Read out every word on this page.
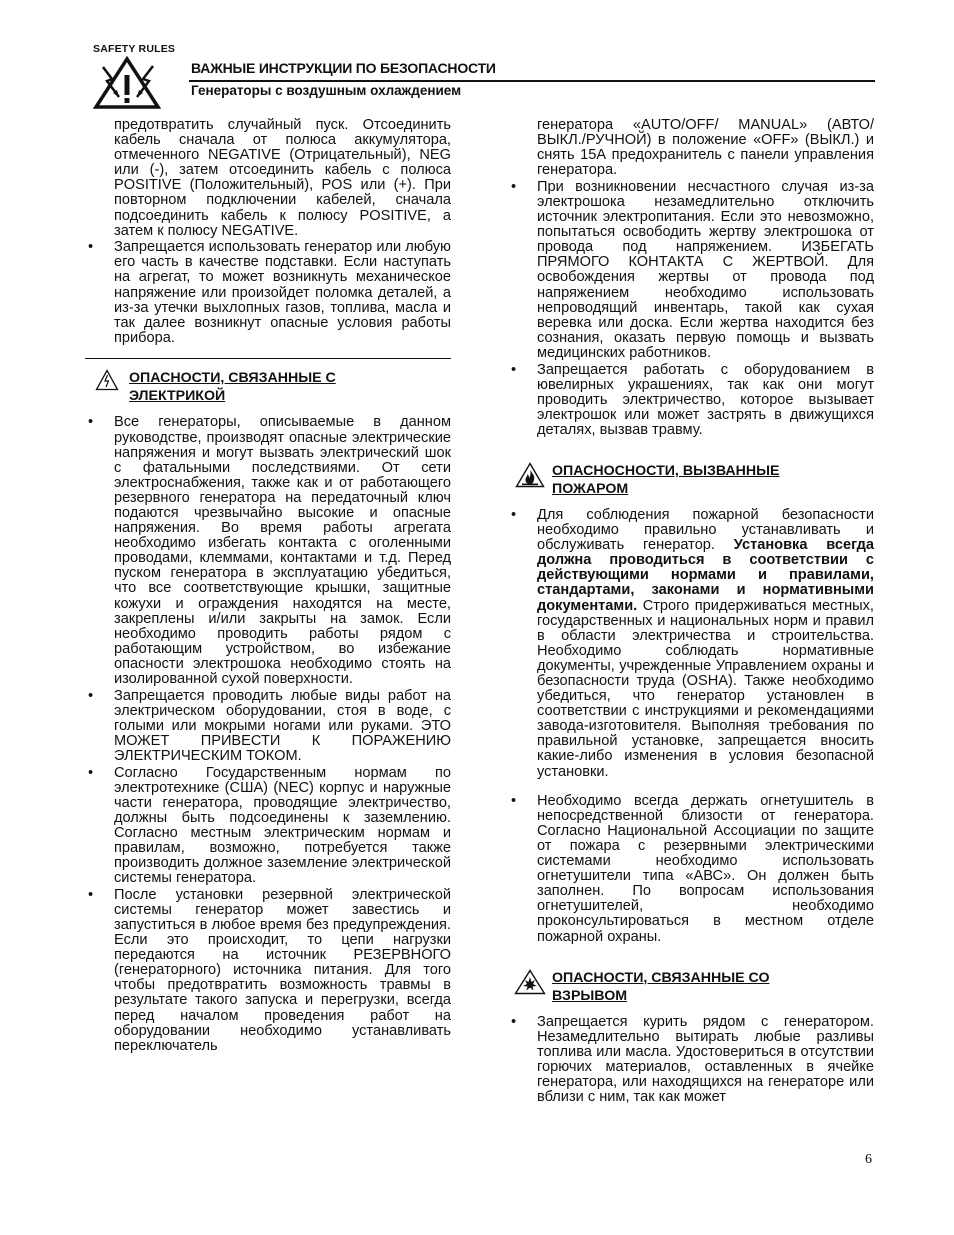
SAFETY RULES
ВАЖНЫЕ ИНСТРУКЦИИ ПО БЕЗОПАСНОСТИ
Генераторы с воздушным охлаждением

предотвратить случайный пуск. Отсоединить кабель сначала от полюса аккумулятора, отмеченного NEGATIVE (Отрицательный), NEG или (-), затем отсоединить кабель с полюса POSITIVE (Положительный), POS или (+). При повторном подключении кабелей, сначала подсоединить кабель к полюсу POSITIVE, а затем к полюсу NEGATIVE.

• Запрещается использовать генератор или любую его часть в качестве подставки. Если наступать на агрегат, то может возникнуть механическое напряжение или произойдет поломка деталей, а из-за утечки выхлопных газов, топлива, масла и так далее возникнут опасные условия работы прибора.
ОПАСНОСТИ, СВЯЗАННЫЕ С
ЭЛЕКТРИКОЙ
• Все генераторы, описываемые в данном руководстве, производят опасные электрические напряжения и могут вызвать электрический шок с фатальными последствиями. От сети электроснабжения, также как и от работающего резервного генератора на передаточный ключ подаются чрезвычайно высокие и опасные напряжения. Во время работы агрегата необходимо избегать контакта с оголенными проводами, клеммами, контактами и т.д. Перед пуском генератора в эксплуатацию убедиться, что все соответствующие крышки, защитные кожухи и ограждения находятся на месте, закреплены и/или закрыты на замок. Если необходимо проводить работы рядом с работающим устройством, во избежание опасности электрошока необходимо стоять на изолированной сухой поверхности.
• Запрещается проводить любые виды работ на электрическом оборудовании, стоя в воде, с голыми или мокрыми ногами или руками. ЭТО МОЖЕТ ПРИВЕСТИ К ПОРАЖЕНИЮ ЭЛЕКТРИЧЕСКИМ ТОКОМ.
• Согласно Государственным нормам по электротехнике (США) (NEC) корпус и наружные части генератора, проводящие электричество, должны быть подсоединены к заземлению. Согласно местным электрическим нормам и правилам, возможно, потребуется также производить должное заземление электрической системы генератора.
• После установки резервной электрической системы генератор может завестись и запуститься в любое время без предупреждения. Если это происходит, то цепи нагрузки передаются на источник РЕЗЕРВНОГО (генераторного) источника питания. Для того чтобы предотвратить возможность травмы в результате такого запуска и перегрузки, всегда перед началом проведения работ на оборудовании необходимо устанавливать переключатель

генератора «AUTO/OFF/ MANUAL» (АВТО/ВЫКЛ./РУЧНОЙ) в положение «OFF» (ВЫКЛ.) и снять 15А предохранитель с панели управления генератора.

• При возникновении несчастного случая из-за электрошока незамедлительно отключить источник электропитания. Если это невозможно, попытаться освободить жертву электрошока от провода под напряжением. ИЗБЕГАТЬ ПРЯМОГО КОНТАКТА С ЖЕРТВОЙ. Для освобождения жертвы от провода под напряжением необходимо использовать непроводящий инвентарь, такой как сухая веревка или доска. Если жертва находится без сознания, оказать первую помощь и вызвать медицинских работников.
• Запрещается работать с оборудованием в ювелирных украшениях, так как они могут проводить электричество, которое вызывает электрошок или может застрять в движущихся деталях, вызвав травму.
ОПАСНОСНОСТИ, ВЫЗВАННЫЕ
ПОЖАРОМ
• Для соблюдения пожарной безопасности необходимо правильно устанавливать и обслуживать генератор. Установка всегда должна проводиться в соответствии с действующими нормами и правилами, стандартами, законами и нормативными документами. Строго придерживаться местных, государственных и национальных норм и правил в области электричества и строительства. Необходимо соблюдать нормативные документы, учрежденные Управлением охраны и безопасности труда (OSHA). Также необходимо убедиться, что генератор установлен в соответствии с инструкциями и рекомендациями завода-изготовителя. Выполняя требования по правильной установке, запрещается вносить какие-либо изменения в условия безопасной установки.
• Необходимо всегда держать огнетушитель в непосредственной близости от генератора. Согласно Национальной Ассоциации по защите от пожара с резервными электрическими системами необходимо использовать огнетушители типа «АВС». Он должен быть заполнен. По вопросам использования огнетушителей, необходимо проконсультироваться в местном отделе пожарной охраны.
ОПАСНОСТИ, СВЯЗАННЫЕ СО
ВЗРЫВОМ
• Запрещается курить рядом с генератором. Незамедлительно вытирать любые разливы топлива или масла. Удостовериться в отсутствии горючих материалов, оставленных в ячейке генератора, или находящихся на генераторе или вблизи с ним, так как может
6
